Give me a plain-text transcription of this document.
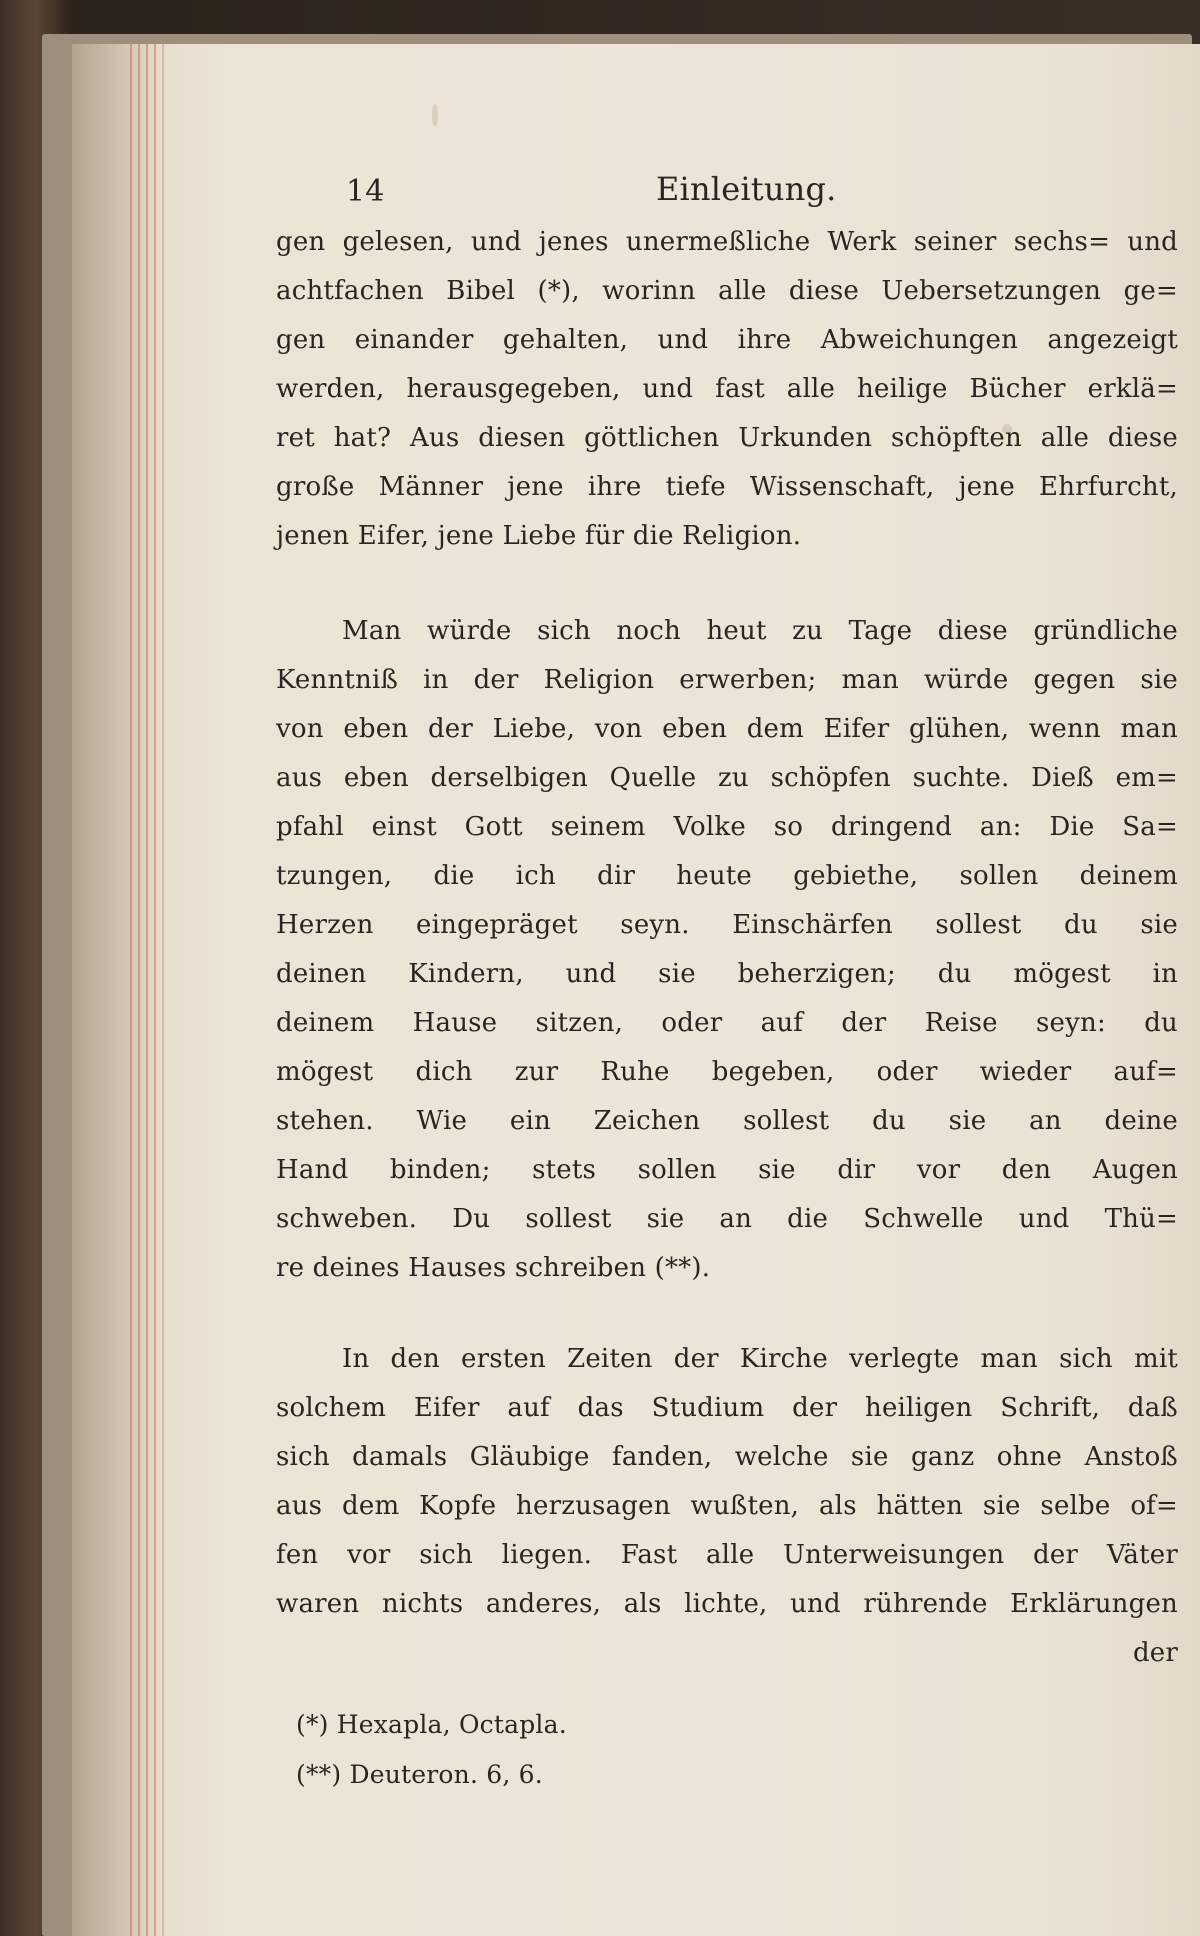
14	Einleitung.
gen gelesen, und jenes unermeßliche Werk seiner sechs= und
achtfachen Bibel (*), worinn alle diese Uebersetzungen ge=
gen einander gehalten, und ihre Abweichungen angezeigt
werden, herausgegeben, und fast alle heilige Bücher erklä=
ret hat? Aus diesen göttlichen Urkunden schöpften alle diese
große Männer jene ihre tiefe Wissenschaft, jene Ehrfurcht,
jenen Eifer, jene Liebe für die Religion.
Man würde sich noch heut zu Tage diese gründliche
Kenntniß in der Religion erwerben; man würde gegen sie
von eben der Liebe, von eben dem Eifer glühen, wenn man
aus eben derselbigen Quelle zu schöpfen suchte. Dieß em=
pfahl einst Gott seinem Volke so dringend an: Die Sa=
tzungen, die ich dir heute gebiethe, sollen deinem
Herzen eingepräget seyn. Einschärfen sollest du sie
deinen Kindern, und sie beherzigen; du mögest in
deinem Hause sitzen, oder auf der Reise seyn: du
mögest dich zur Ruhe begeben, oder wieder auf=
stehen. Wie ein Zeichen sollest du sie an deine
Hand binden; stets sollen sie dir vor den Augen
schweben. Du sollest sie an die Schwelle und Thü=
re deines Hauses schreiben (**).
In den ersten Zeiten der Kirche verlegte man sich mit
solchem Eifer auf das Studium der heiligen Schrift, daß
sich damals Gläubige fanden, welche sie ganz ohne Anstoß
aus dem Kopfe herzusagen wußten, als hätten sie selbe of=
fen vor sich liegen. Fast alle Unterweisungen der Väter
waren nichts anderes, als lichte, und rührende Erklärungen
der
(*) Hexapla, Octapla.
(**) Deuteron. 6, 6.
